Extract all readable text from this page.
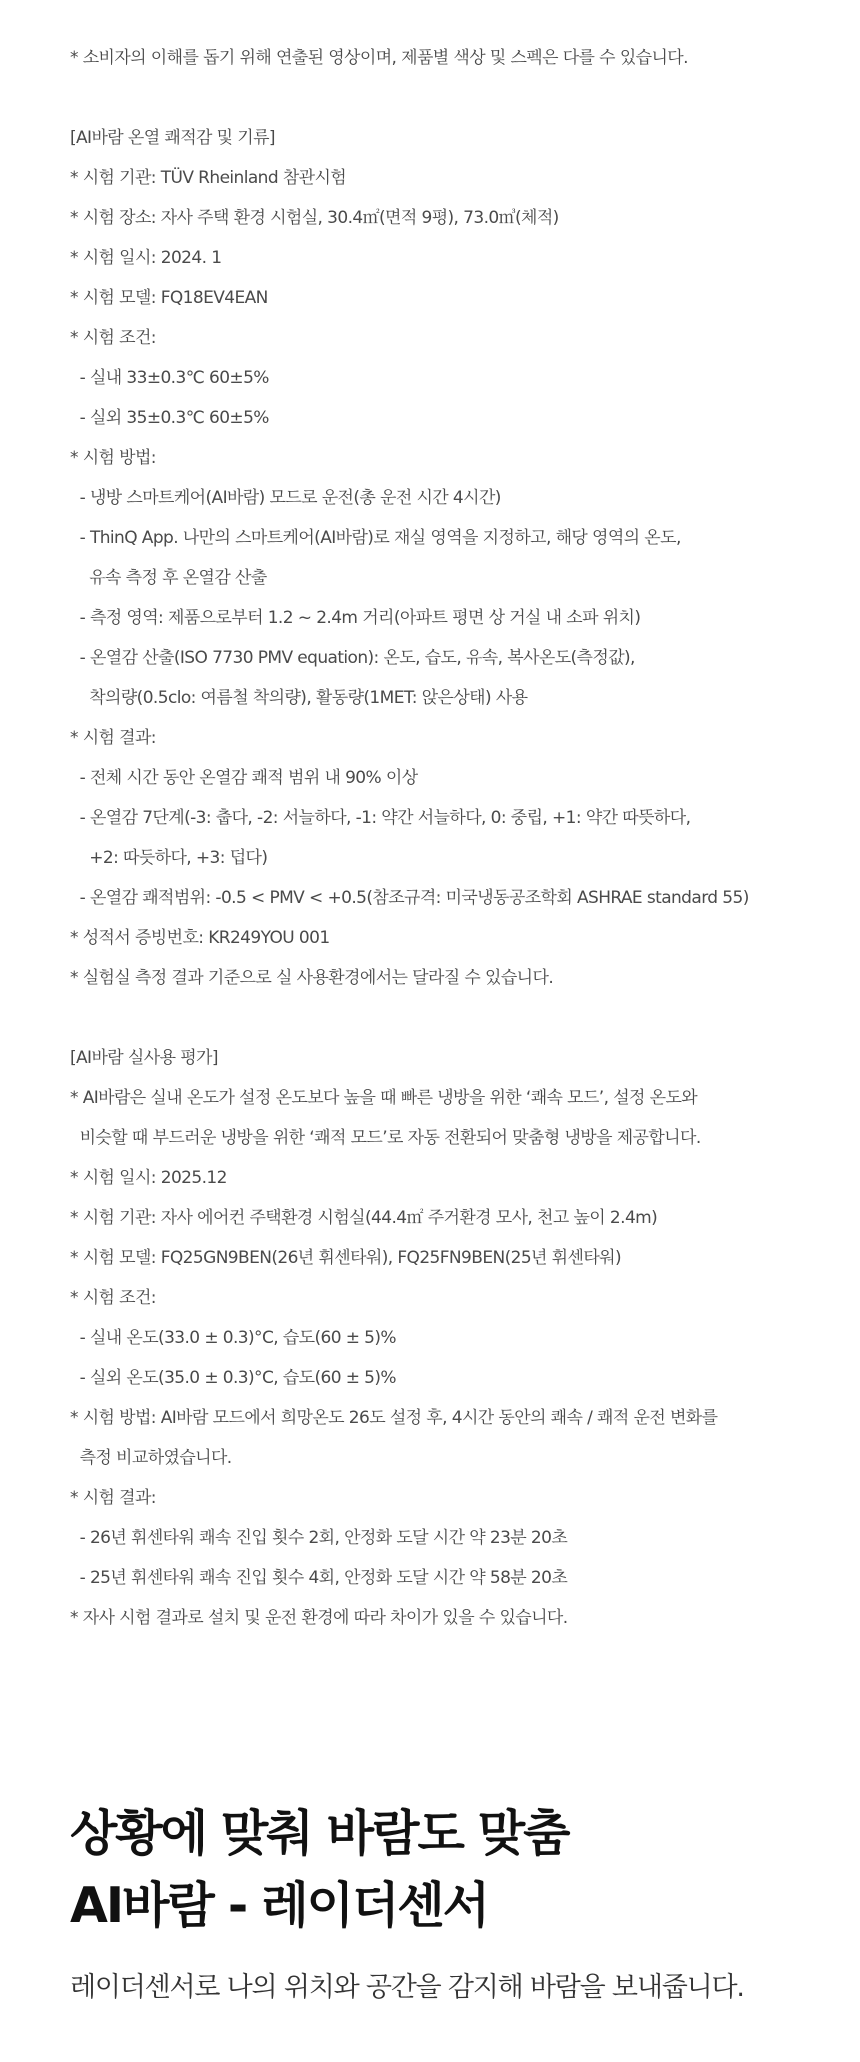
* 소비자의 이해를 돕기 위해 연출된 영상이며, 제품별 색상 및 스펙은 다를 수 있습니다.
[AI바람 온열 쾌적감 및 기류]
* 시험 기관: TÜV Rheinland 참관시험
* 시험 장소: 자사 주택 환경 시험실, 30.4㎡(면적 9평), 73.0㎥(체적)
* 시험 일시: 2024. 1
* 시험 모델: FQ18EV4EAN
* 시험 조건:
- 실내 33±0.3℃ 60±5%
- 실외 35±0.3℃ 60±5%
* 시험 방법:
- 냉방 스마트케어(AI바람) 모드로 운전(총 운전 시간 4시간)
- ThinQ App. 나만의 스마트케어(AI바람)로 재실 영역을 지정하고, 해당 영역의 온도,
유속 측정 후 온열감 산출
- 측정 영역: 제품으로부터 1.2 ~ 2.4m 거리(아파트 평면 상 거실 내 소파 위치)
- 온열감 산출(ISO 7730 PMV equation): 온도, 습도, 유속, 복사온도(측정값),
착의량(0.5clo: 여름철 착의량), 활동량(1MET: 앉은상태) 사용
* 시험 결과:
- 전체 시간 동안 온열감 쾌적 범위 내 90% 이상
- 온열감 7단계(-3: 춥다, -2: 서늘하다, -1: 약간 서늘하다, 0: 중립, +1: 약간 따뜻하다,
+2: 따듯하다, +3: 덥다)
- 온열감 쾌적범위: -0.5 < PMV < +0.5(참조규격: 미국냉동공조학회 ASHRAE standard 55)
* 성적서 증빙번호: KR249YOU 001
* 실험실 측정 결과 기준으로 실 사용환경에서는 달라질 수 있습니다.
[AI바람 실사용 평가]
* AI바람은 실내 온도가 설정 온도보다 높을 때 빠른 냉방을 위한 ‘쾌속 모드’, 설정 온도와
비슷할 때 부드러운 냉방을 위한 ‘쾌적 모드’로 자동 전환되어 맞춤형 냉방을 제공합니다.
* 시험 일시: 2025.12
* 시험 기관: 자사 에어컨 주택환경 시험실(44.4㎡ 주거환경 모사, 천고 높이 2.4m)
* 시험 모델: FQ25GN9BEN(26년 휘센타워), FQ25FN9BEN(25년 휘센타워)
* 시험 조건:
- 실내 온도(33.0 ± 0.3)°C, 습도(60 ± 5)%
- 실외 온도(35.0 ± 0.3)°C, 습도(60 ± 5)%
* 시험 방법: AI바람 모드에서 희망온도 26도 설정 후, 4시간 동안의 쾌속 / 쾌적 운전 변화를
측정 비교하였습니다.
* 시험 결과:
- 26년 휘센타워 쾌속 진입 횟수 2회, 안정화 도달 시간 약 23분 20초
- 25년 휘센타워 쾌속 진입 횟수 4회, 안정화 도달 시간 약 58분 20초
* 자사 시험 결과로 설치 및 운전 환경에 따라 차이가 있을 수 있습니다.
상황에 맞춰 바람도 맞춤
AI바람 - 레이더센서
레이더센서로 나의 위치와 공간을 감지해 바람을 보내줍니다.
